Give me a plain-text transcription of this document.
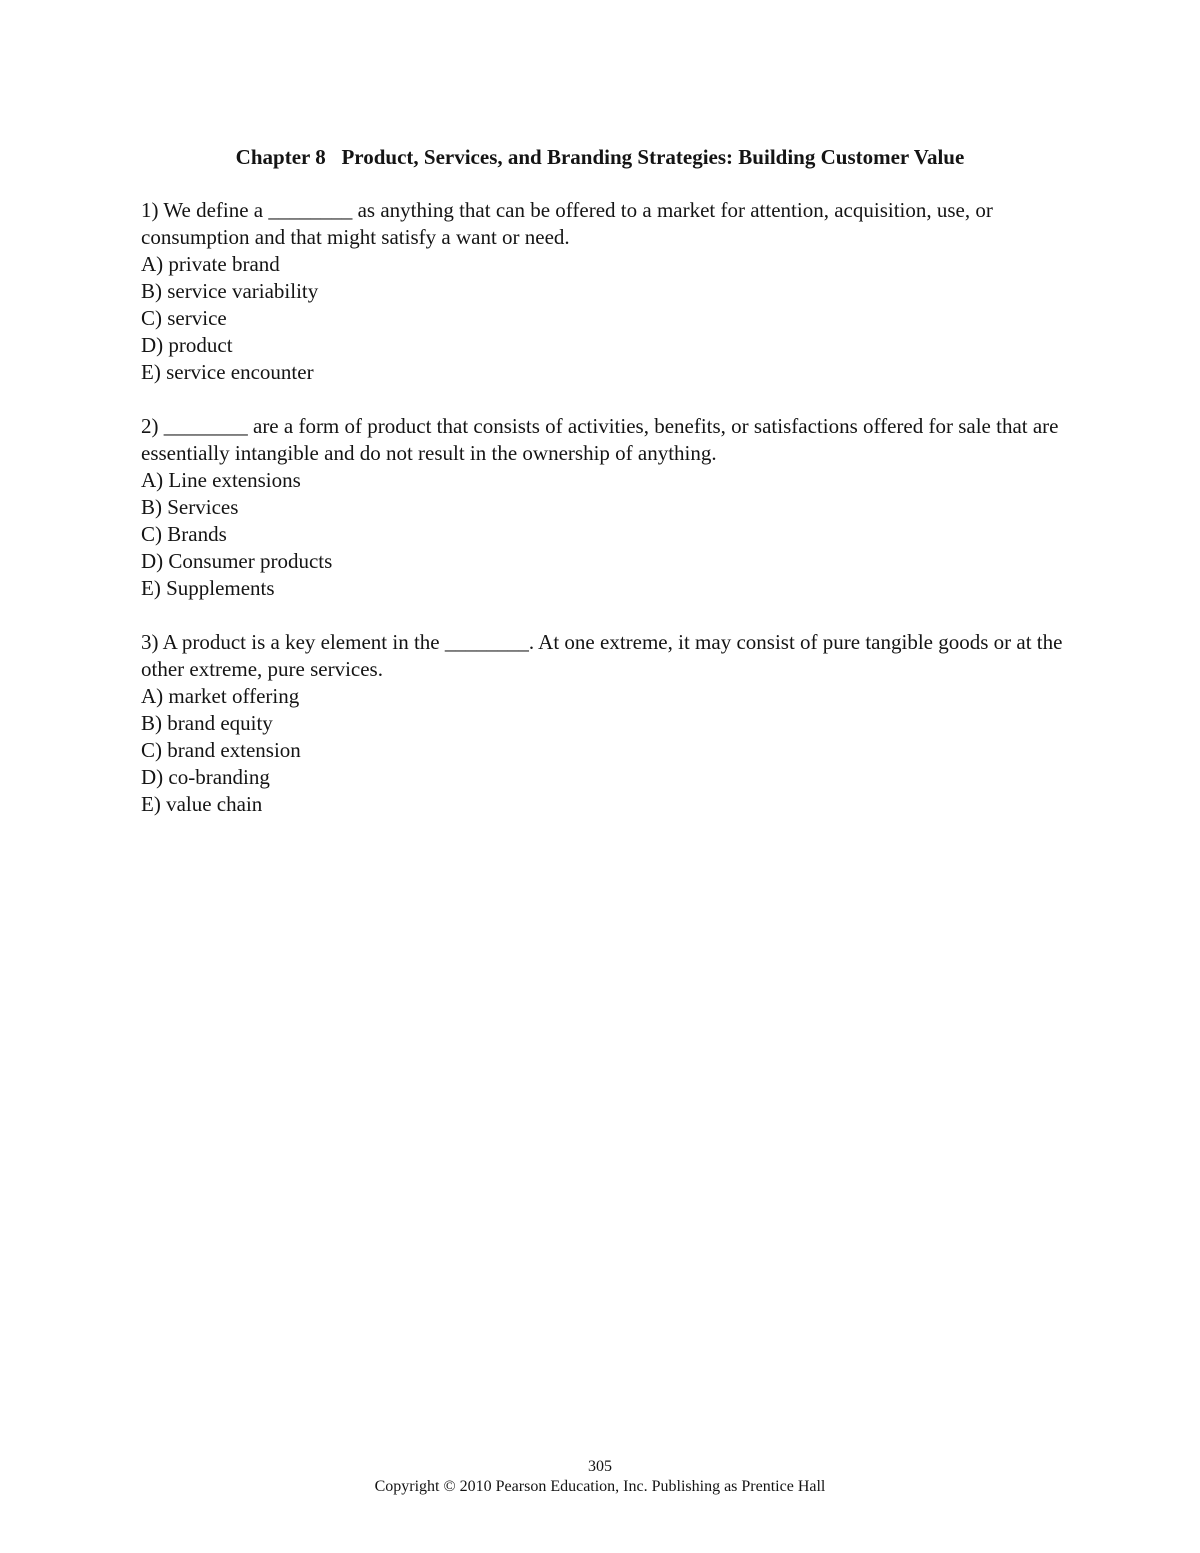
Chapter 8   Product, Services, and Branding Strategies: Building Customer Value

1) We define a ________ as anything that can be offered to a market for attention, acquisition, use, or consumption and that might satisfy a want or need.

A) private brand
B) service variability
C) service
D) product
E) service encounter

2) ________ are a form of product that consists of activities, benefits, or satisfactions offered for sale that are essentially intangible and do not result in the ownership of anything.

A) Line extensions
B) Services
C) Brands
D) Consumer products
E) Supplements

3) A product is a key element in the ________. At one extreme, it may consist of pure tangible goods or at the other extreme, pure services.

A) market offering
B) brand equity
C) brand extension
D) co-branding
E) value chain
305
Copyright © 2010 Pearson Education, Inc. Publishing as Prentice Hall
